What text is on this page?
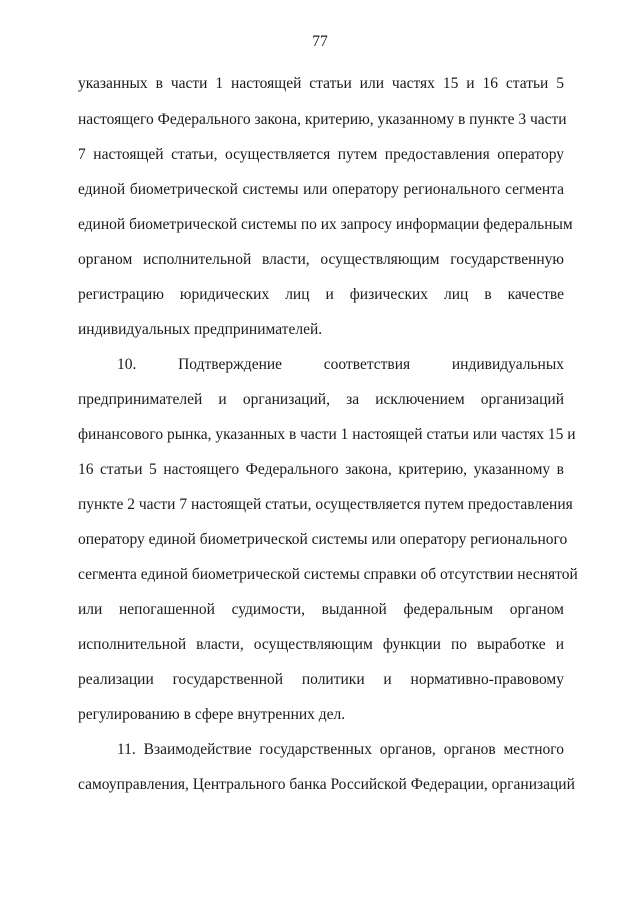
77
указанных в части 1 настоящей статьи или частях 15 и 16 статьи 5
настоящего Федерального закона, критерию, указанному в пункте 3 части
7 настоящей статьи, осуществляется путем предоставления оператору
единой биометрической системы или оператору регионального сегмента
единой биометрической системы по их запросу информации федеральным
органом исполнительной власти, осуществляющим государственную
регистрацию юридических лиц и физических лиц в качестве
индивидуальных предпринимателей.
10. Подтверждение соответствия индивидуальных
предпринимателей и организаций, за исключением организаций
финансового рынка, указанных в части 1 настоящей статьи или частях 15 и
16 статьи 5 настоящего Федерального закона, критерию, указанному в
пункте 2 части 7 настоящей статьи, осуществляется путем предоставления
оператору единой биометрической системы или оператору регионального
сегмента единой биометрической системы справки об отсутствии неснятой
или непогашенной судимости, выданной федеральным органом
исполнительной власти, осуществляющим функции по выработке и
реализации государственной политики и нормативно-правовому
регулированию в сфере внутренних дел.
11. Взаимодействие государственных органов, органов местного
самоуправления, Центрального банка Российской Федерации, организаций
